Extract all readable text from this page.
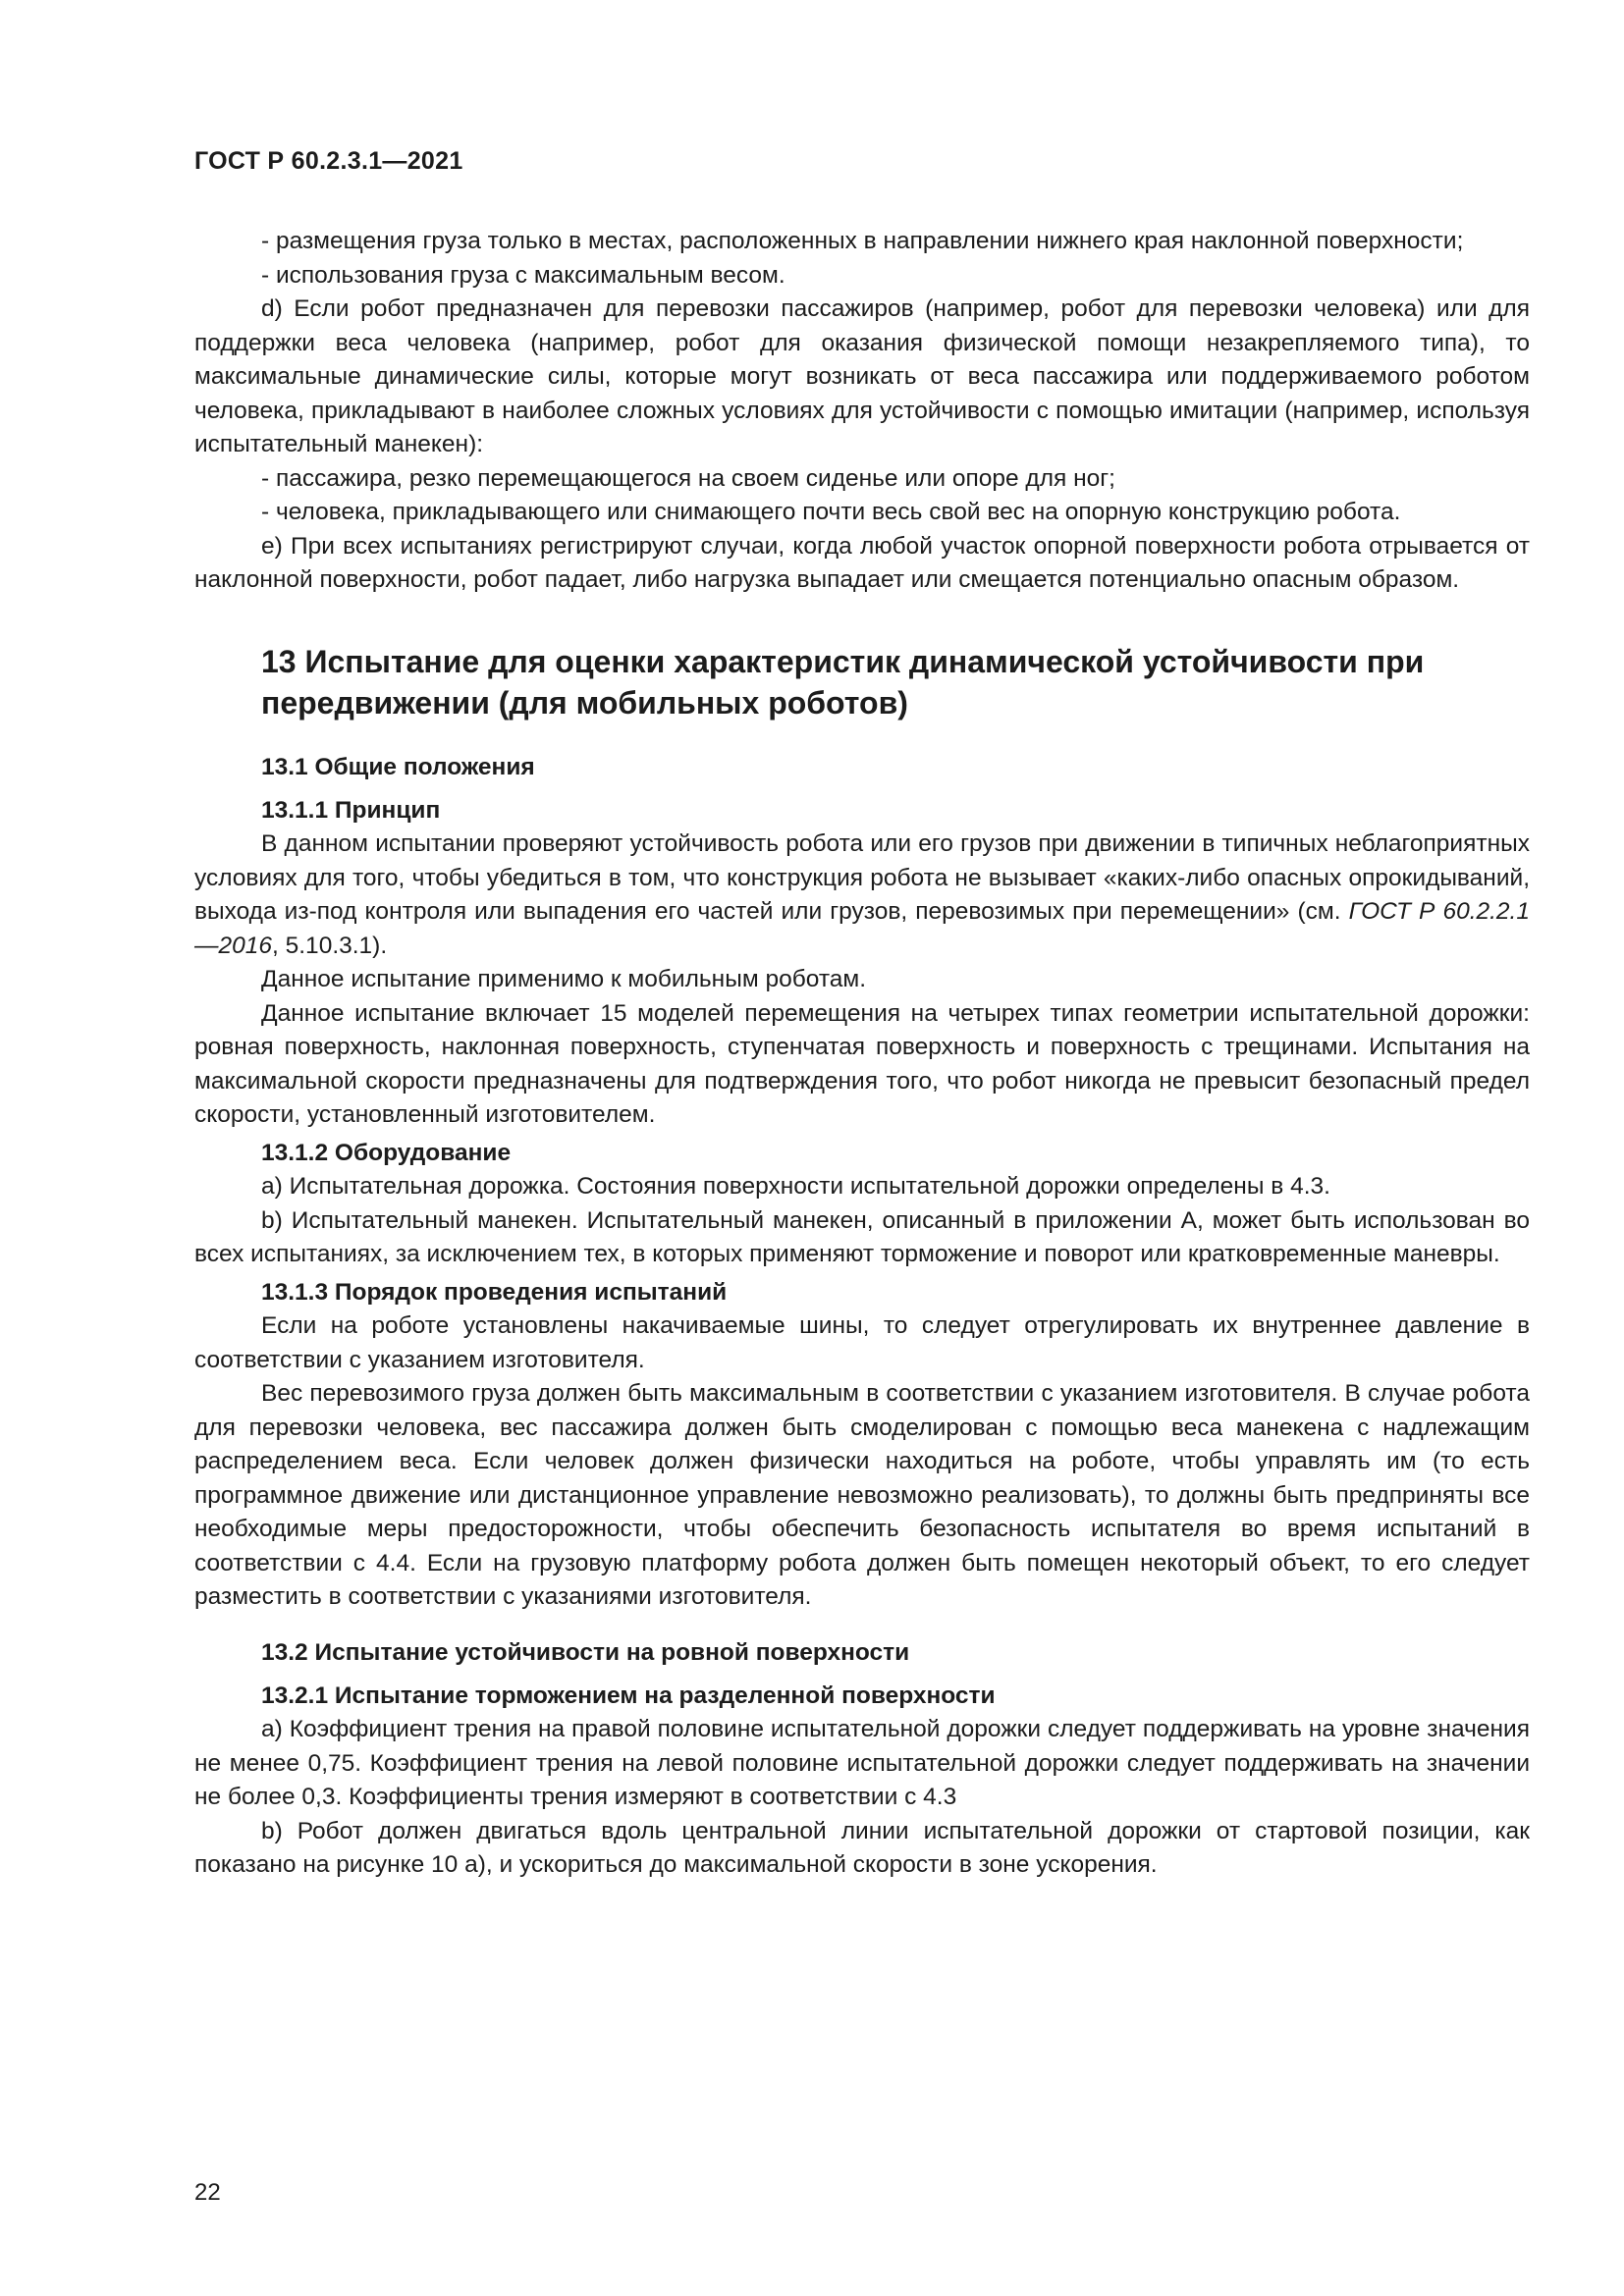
ГОСТ Р 60.2.3.1—2021

- размещения груза только в местах, расположенных в направлении нижнего края наклонной поверхности;

- использования груза с максимальным весом.

d) Если робот предназначен для перевозки пассажиров (например, робот для перевозки человека) или для поддержки веса человека (например, робот для оказания физической помощи незакрепляемого типа), то максимальные динамические силы, которые могут возникать от веса пассажира или поддерживаемого роботом человека, прикладывают в наиболее сложных условиях для устойчивости с помощью имитации (например, используя испытательный манекен):

- пассажира, резко перемещающегося на своем сиденье или опоре для ног;

- человека, прикладывающего или снимающего почти весь свой вес на опорную конструкцию робота.

e) При всех испытаниях регистрируют случаи, когда любой участок опорной поверхности робота отрывается от наклонной поверхности, робот падает, либо нагрузка выпадает или смещается потенциально опасным образом.

13 Испытание для оценки характеристик динамической устойчивости при передвижении (для мобильных роботов)
13.1 Общие положения
13.1.1 Принцип

В данном испытании проверяют устойчивость робота или его грузов при движении в типичных неблагоприятных условиях для того, чтобы убедиться в том, что конструкция робота не вызывает «каких-либо опасных опрокидываний, выхода из-под контроля или выпадения его частей или грузов, перевозимых при перемещении» (см. ГОСТ Р 60.2.2.1—2016, 5.10.3.1).

Данное испытание применимо к мобильным роботам.

Данное испытание включает 15 моделей перемещения на четырех типах геометрии испытательной дорожки: ровная поверхность, наклонная поверхность, ступенчатая поверхность и поверхность с трещинами. Испытания на максимальной скорости предназначены для подтверждения того, что робот никогда не превысит безопасный предел скорости, установленный изготовителем.

13.1.2 Оборудование

a) Испытательная дорожка. Состояния поверхности испытательной дорожки определены в 4.3.

b) Испытательный манекен. Испытательный манекен, описанный в приложении А, может быть использован во всех испытаниях, за исключением тех, в которых применяют торможение и поворот или кратковременные маневры.

13.1.3 Порядок проведения испытаний

Если на роботе установлены накачиваемые шины, то следует отрегулировать их внутреннее давление в соответствии с указанием изготовителя.

Вес перевозимого груза должен быть максимальным в соответствии с указанием изготовителя. В случае робота для перевозки человека, вес пассажира должен быть смоделирован с помощью веса манекена с надлежащим распределением веса. Если человек должен физически находиться на роботе, чтобы управлять им (то есть программное движение или дистанционное управление невозможно реализовать), то должны быть предприняты все необходимые меры предосторожности, чтобы обеспечить безопасность испытателя во время испытаний в соответствии с 4.4. Если на грузовую платформу робота должен быть помещен некоторый объект, то его следует разместить в соответствии с указаниями изготовителя.

13.2 Испытание устойчивости на ровной поверхности
13.2.1 Испытание торможением на разделенной поверхности

a) Коэффициент трения на правой половине испытательной дорожки следует поддерживать на уровне значения не менее 0,75. Коэффициент трения на левой половине испытательной дорожки следует поддерживать на значении не более 0,3. Коэффициенты трения измеряют в соответствии с 4.3

b) Робот должен двигаться вдоль центральной линии испытательной дорожки от стартовой позиции, как показано на рисунке 10 a), и ускориться до максимальной скорости в зоне ускорения.

22
